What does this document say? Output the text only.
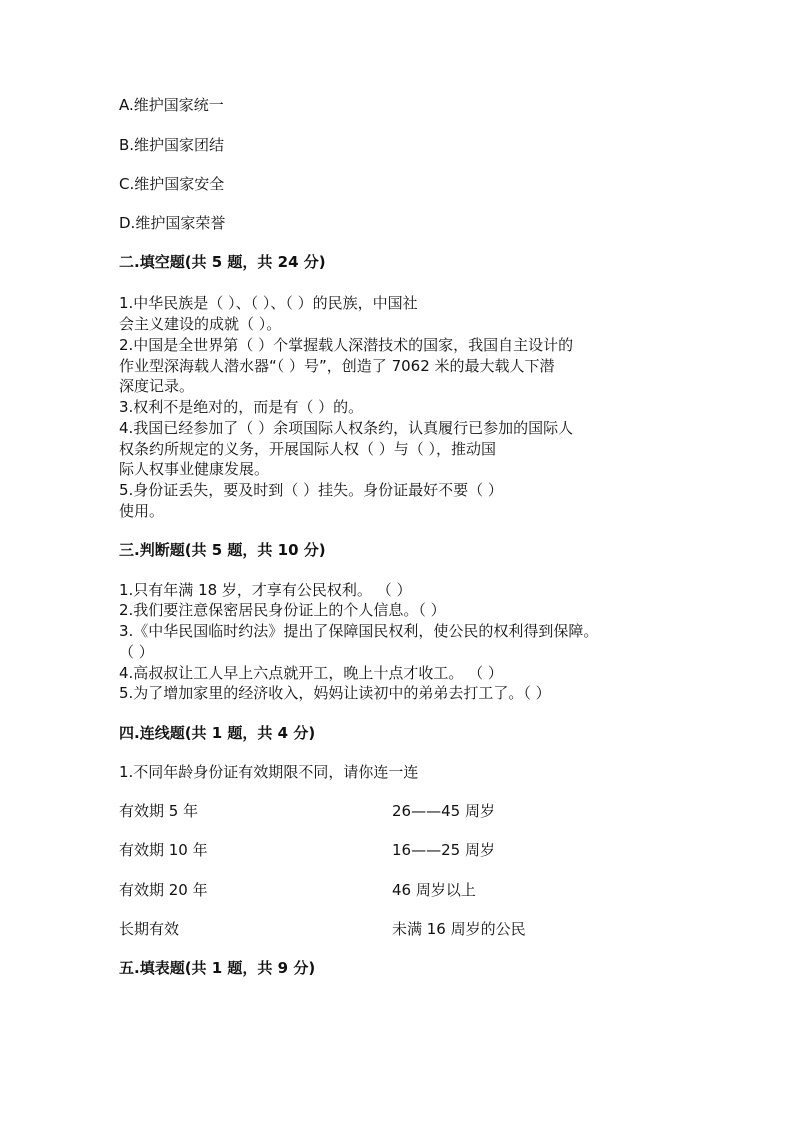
A.维护国家统一
B.维护国家团结
C.维护国家安全
D.维护国家荣誉
二.填空题(共 5 题，共 24 分)
1.中华民族是（ ）、（ ）、（ ）的民族，中国社
会主义建设的成就（ ）。
2.中国是全世界第（ ）个掌握载人深潜技术的国家，我国自主设计的
作业型深海载人潜水器“（ ）号”，创造了 7062 米的最大载人下潜
深度记录。
3.权利不是绝对的，而是有（ ）的。
4.我国已经参加了（ ）余项国际人权条约，认真履行已参加的国际人
权条约所规定的义务，开展国际人权（ ）与（ ），推动国
际人权事业健康发展。
5.身份证丢失，要及时到（ ）挂失。身份证最好不要（ ）
使用。
三.判断题(共 5 题，共 10 分)
1.只有年满 18 岁，才享有公民权利。 （ ）
2.我们要注意保密居民身份证上的个人信息。（ ）
3.《中华民国临时约法》提出了保障国民权利，使公民的权利得到保障。
（ ）
4.高叔叔让工人早上六点就开工，晚上十点才收工。 （ ）
5.为了增加家里的经济收入，妈妈让读初中的弟弟去打工了。（ ）
四.连线题(共 1 题，共 4 分)
1.不同年龄身份证有效期限不同，请你连一连
有效期 5 年	26——45 周岁
有效期 10 年	16——25 周岁
有效期 20 年	46 周岁以上
长期有效	未满 16 周岁的公民
五.填表题(共 1 题，共 9 分)
